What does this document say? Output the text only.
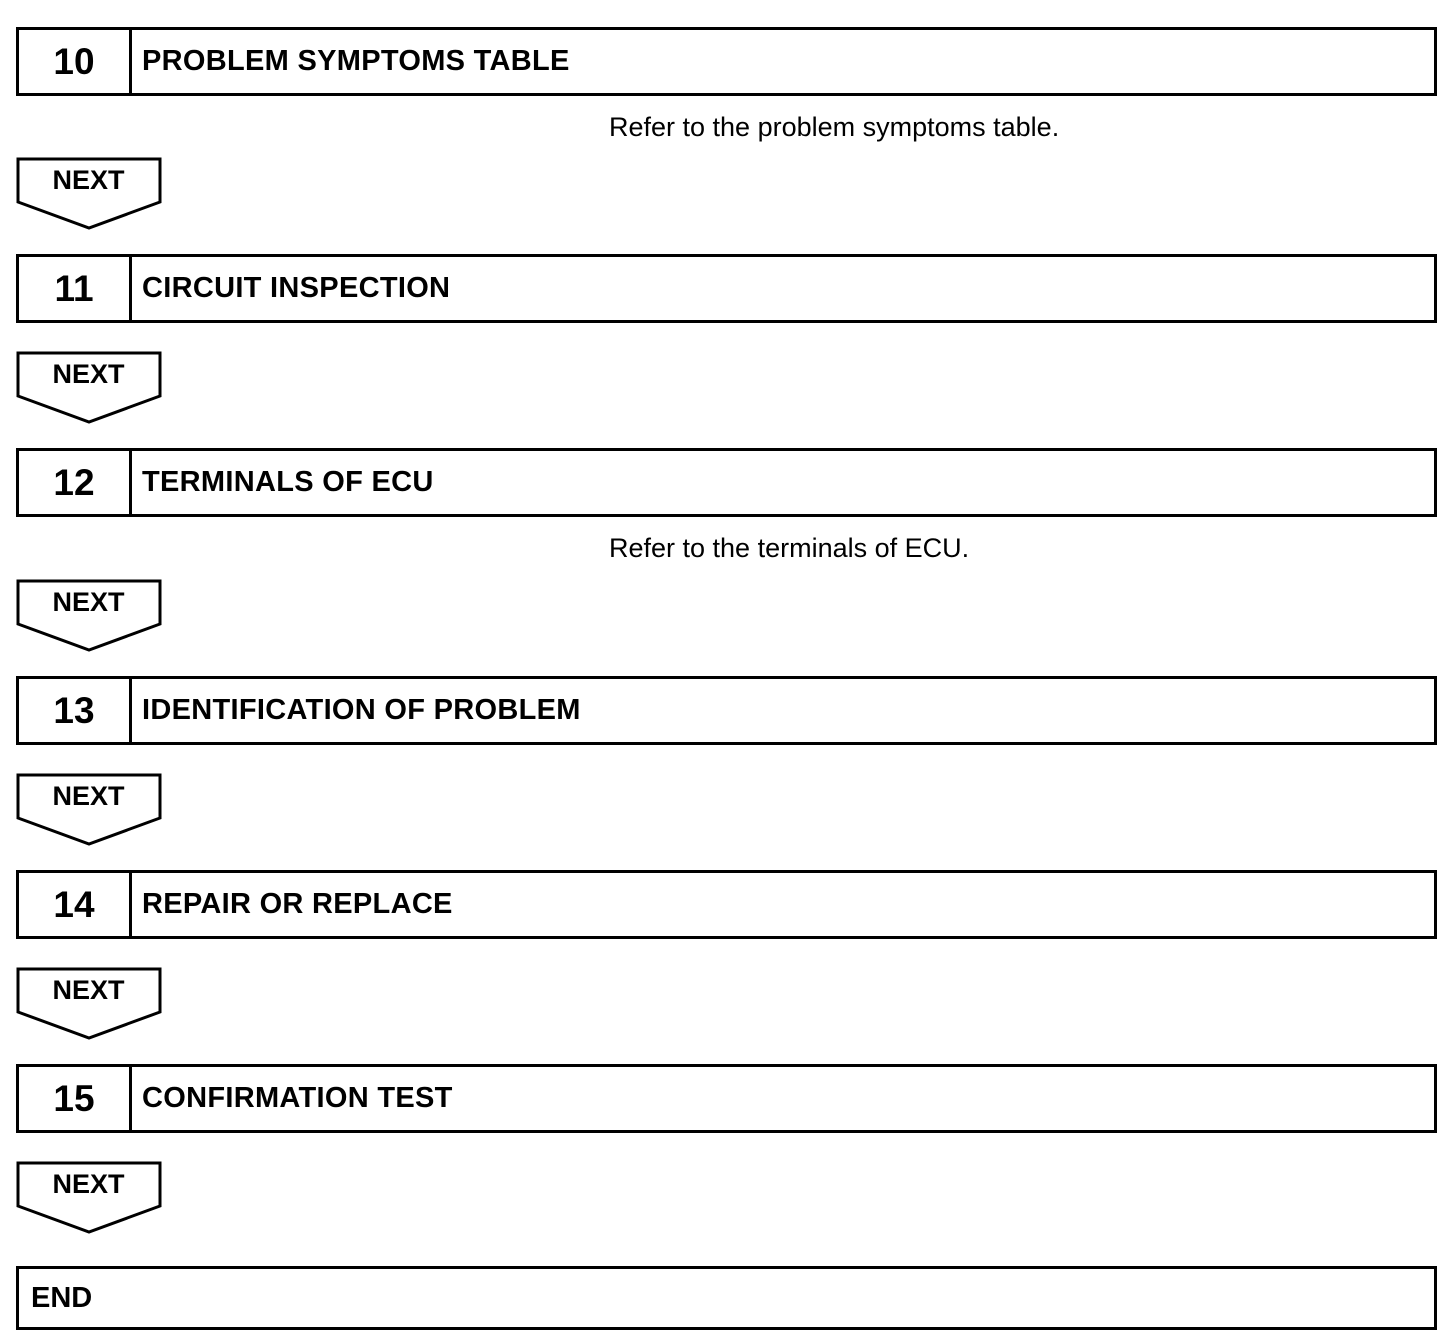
10	PROBLEM SYMPTOMS TABLE
Refer to the problem symptoms table.
NEXT
11	CIRCUIT INSPECTION
NEXT
12	TERMINALS OF ECU
Refer to the terminals of ECU.
NEXT
13	IDENTIFICATION OF PROBLEM
NEXT
14	REPAIR OR REPLACE
NEXT
15	CONFIRMATION TEST
NEXT
END
